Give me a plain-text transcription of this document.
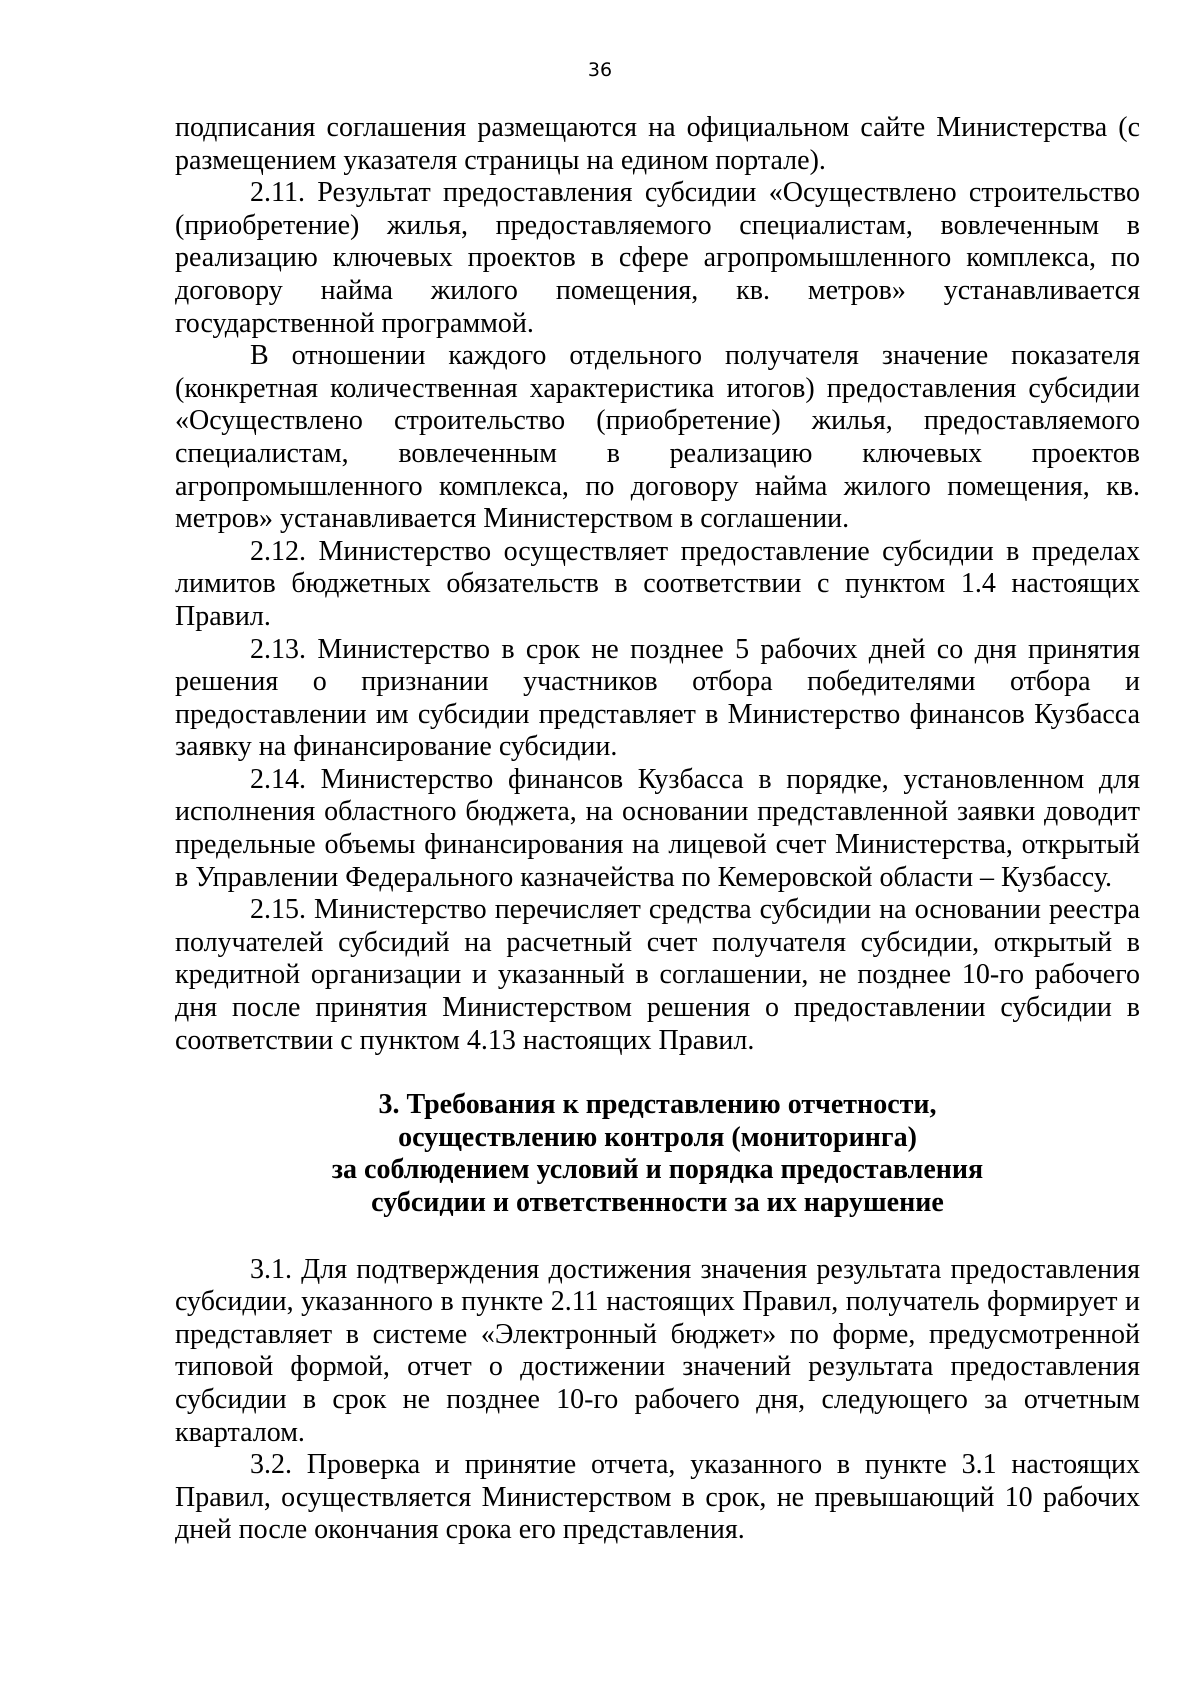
36

подписания соглашения размещаются на официальном сайте Министерства (с размещением указателя страницы на едином портале).

2.11. Результат предоставления субсидии «Осуществлено строительство (приобретение) жилья, предоставляемого специалистам, вовлеченным в реализацию ключевых проектов в сфере агропромышленного комплекса, по договору найма жилого помещения, кв. метров» устанавливается государственной программой.

В отношении каждого отдельного получателя значение показателя (конкретная количественная характеристика итогов) предоставления субсидии «Осуществлено строительство (приобретение) жилья, предоставляемого специалистам, вовлеченным в реализацию ключевых проектов агропромышленного комплекса, по договору найма жилого помещения, кв. метров» устанавливается Министерством в соглашении.

2.12. Министерство осуществляет предоставление субсидии в пределах лимитов бюджетных обязательств в соответствии с пунктом 1.4 настоящих Правил.

2.13. Министерство в срок не позднее 5 рабочих дней со дня принятия решения о признании участников отбора победителями отбора и предоставлении им субсидии представляет в Министерство финансов Кузбасса заявку на финансирование субсидии.

2.14. Министерство финансов Кузбасса в порядке, установленном для исполнения областного бюджета, на основании представленной заявки доводит предельные объемы финансирования на лицевой счет Министерства, открытый в Управлении Федерального казначейства по Кемеровской области – Кузбассу.

2.15. Министерство перечисляет средства субсидии на основании реестра получателей субсидий на расчетный счет получателя субсидии, открытый в кредитной организации и указанный в соглашении, не позднее 10-го рабочего дня после принятия Министерством решения о предоставлении субсидии в соответствии с пунктом 4.13 настоящих Правил.

3. Требования к представлению отчетности,
осуществлению контроля (мониторинга)
за соблюдением условий и порядка предоставления
субсидии и ответственности за их нарушение

3.1. Для подтверждения достижения значения результата предоставления субсидии, указанного в пункте 2.11 настоящих Правил, получатель формирует и представляет в системе «Электронный бюджет» по форме, предусмотренной типовой формой, отчет о достижении значений результата предоставления субсидии в срок не позднее 10-го рабочего дня, следующего за отчетным кварталом.

3.2. Проверка и принятие отчета, указанного в пункте 3.1 настоящих Правил, осуществляется Министерством в срок, не превышающий 10 рабочих дней после окончания срока его представления.
